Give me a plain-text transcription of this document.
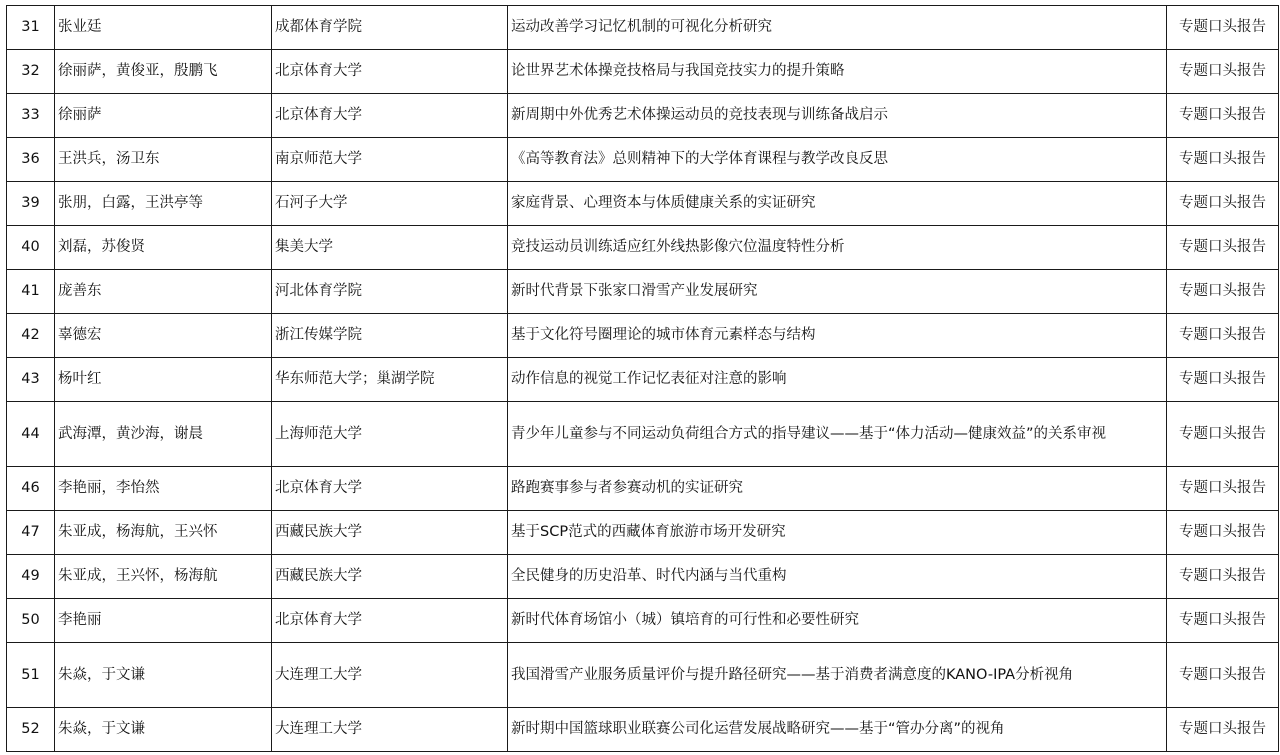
31	张业廷	成都体育学院	运动改善学习记忆机制的可视化分析研究	专题口头报告
32	徐丽萨，黄俊亚，殷鹏飞	北京体育大学	论世界艺术体操竞技格局与我国竞技实力的提升策略	专题口头报告
33	徐丽萨	北京体育大学	新周期中外优秀艺术体操运动员的竞技表现与训练备战启示	专题口头报告
36	王洪兵，汤卫东	南京师范大学	《高等教育法》总则精神下的大学体育课程与教学改良反思	专题口头报告
39	张朋，白露，王洪亭等	石河子大学	家庭背景、心理资本与体质健康关系的实证研究	专题口头报告
40	刘磊，苏俊贤	集美大学	竞技运动员训练适应红外线热影像穴位温度特性分析	专题口头报告
41	庞善东	河北体育学院	新时代背景下张家口滑雪产业发展研究	专题口头报告
42	辜德宏	浙江传媒学院	基于文化符号圈理论的城市体育元素样态与结构	专题口头报告
43	杨叶红	华东师范大学；巢湖学院	动作信息的视觉工作记忆表征对注意的影响	专题口头报告
44	武海潭，黄沙海，谢晨	上海师范大学	青少年儿童参与不同运动负荷组合方式的指导建议——基于“体力活动—健康效益”的关系审视	专题口头报告
46	李艳丽，李怡然	北京体育大学	路跑赛事参与者参赛动机的实证研究	专题口头报告
47	朱亚成，杨海航，王兴怀	西藏民族大学	基于SCP范式的西藏体育旅游市场开发研究	专题口头报告
49	朱亚成，王兴怀，杨海航	西藏民族大学	全民健身的历史沿革、时代内涵与当代重构	专题口头报告
50	李艳丽	北京体育大学	新时代体育场馆小（城）镇培育的可行性和必要性研究	专题口头报告
51	朱焱，于文谦	大连理工大学	我国滑雪产业服务质量评价与提升路径研究——基于消费者满意度的KANO-IPA分析视角	专题口头报告
52	朱焱，于文谦	大连理工大学	新时期中国篮球职业联赛公司化运营发展战略研究——基于“管办分离”的视角	专题口头报告
